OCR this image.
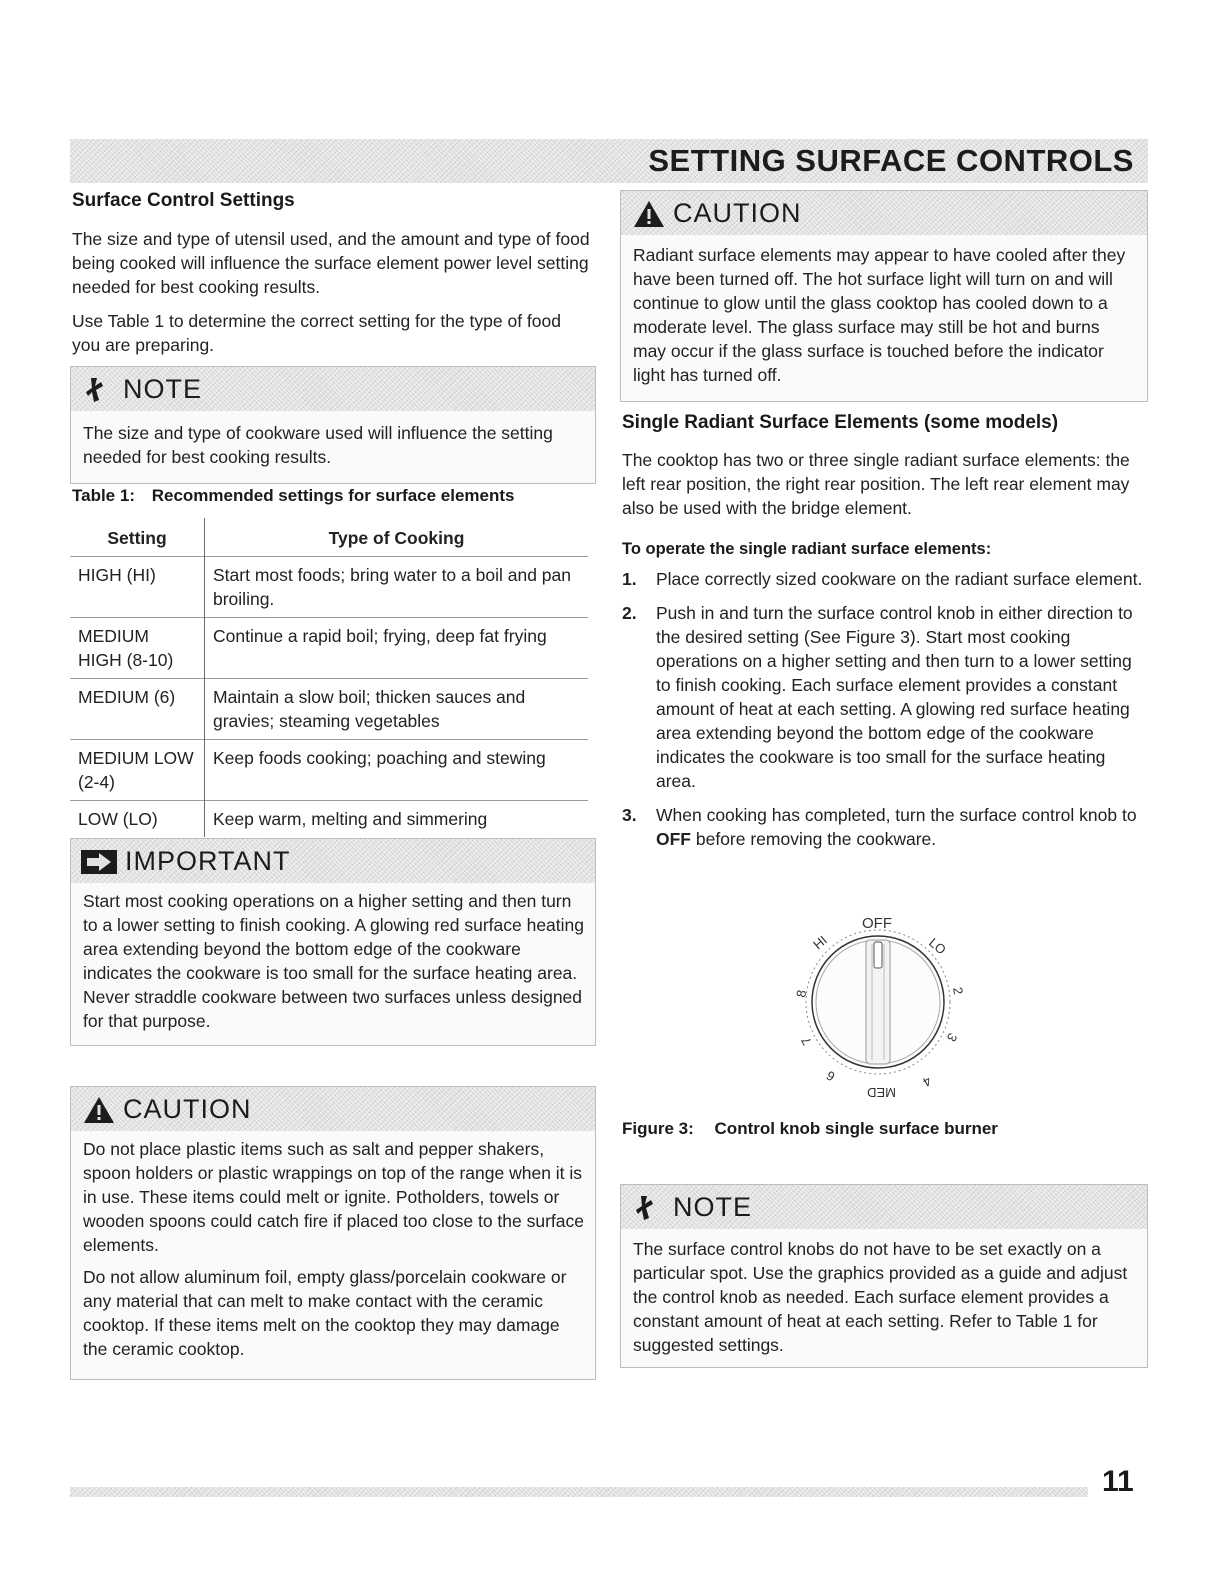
SETTING SURFACE CONTROLS
Surface Control Settings

The size and type of utensil used, and the amount and type of food being cooked will influence the surface element power level setting needed for best cooking results.

Use Table 1 to determine the correct setting for the type of food you are preparing.

NOTE
The size and type of cookware used will influence the setting needed for best cooking results.
Table 1: Recommended settings for surface elements
Setting	Type of Cooking
HIGH (HI)	Start most foods; bring water to a boil and pan broiling.
MEDIUM HIGH (8-10)	Continue a rapid boil; frying, deep fat frying
MEDIUM (6)	Maintain a slow boil; thicken sauces and gravies; steaming vegetables
MEDIUM LOW (2-4)	Keep foods cooking; poaching and stewing
LOW (LO)	Keep warm, melting and simmering
IMPORTANT
Start most cooking operations on a higher setting and then turn to a lower setting to finish cooking. A glowing red surface heating area extending beyond the bottom edge of the cookware indicates the cookware is too small for the surface heating area. Never straddle cookware between two surfaces unless designed for that purpose.
CAUTION

Do not place plastic items such as salt and pepper shakers, spoon holders or plastic wrappings on top of the range when it is in use. These items could melt or ignite. Potholders, towels or wooden spoons could catch fire if placed too close to the surface elements.

Do not allow aluminum foil, empty glass/porcelain cookware or any material that can melt to make contact with the ceramic cooktop. If these items melt on the cooktop they may damage the ceramic cooktop.

CAUTION
Radiant surface elements may appear to have cooled after they have been turned off. The hot surface light will turn on and will continue to glow until the glass cooktop has cooled down to a moderate level. The glass surface may still be hot and burns may occur if the glass surface is touched before the indicator light has turned off.
Single Radiant Surface Elements (some models)

The cooktop has two or three single radiant surface elements: the left rear position, the right rear position. The left rear element may also be used with the bridge element.

To operate the single radiant surface elements:

1. Place correctly sized cookware on the radiant surface element.
2. Push in and turn the surface control knob in either direction to the desired setting (See Figure 3). Start most cooking operations on a higher setting and then turn to a lower setting to finish cooking. Each surface element provides a constant amount of heat at each setting. A glowing red surface heating area extending beyond the bottom edge of the cookware indicates the cookware is too small for the surface heating area.
3. When cooking has completed, turn the surface control knob to OFF before removing the cookware.
OFF
HI	LO
8	2
7	3
6	4
MED
Figure 3: Control knob single surface burner
NOTE
The surface control knobs do not have to be set exactly on a particular spot. Use the graphics provided as a guide and adjust the control knob as needed. Each surface element provides a constant amount of heat at each setting. Refer to Table 1 for suggested settings.
11
